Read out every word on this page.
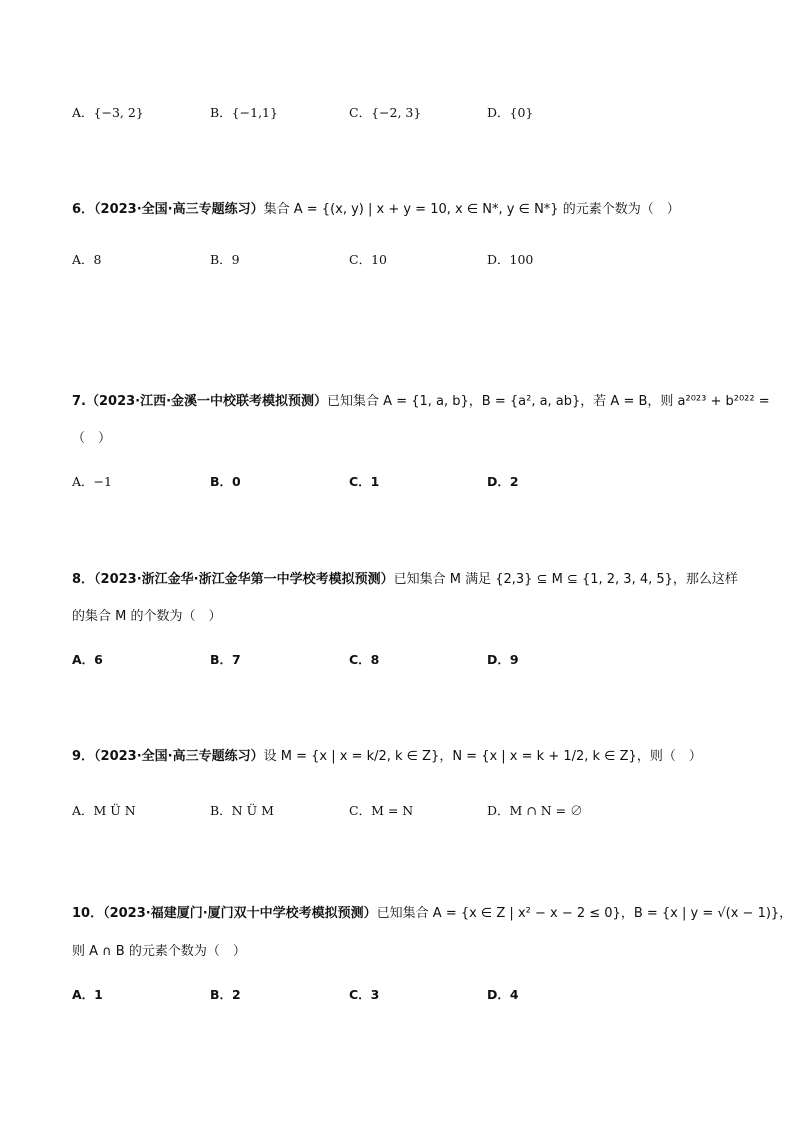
A．{−3, 2}	B．{−1,1}	C．{−2, 3}	D．{0}
6．（2023·全国·高三专题练习）集合 A = {(x, y) | x + y = 10, x ∈ N*, y ∈ N*} 的元素个数为（　）
A．8	B．9	C．10	D．100
7.（2023·江西·金溪一中校联考模拟预测）已知集合 A = {1, a, b}，B = {a², a, ab}，若 A = B，则 a²⁰²³ + b²⁰²² =
（　）
A．−1	B．0	C．1	D．2
8．（2023·浙江金华·浙江金华第一中学校考模拟预测）已知集合 M 满足 {2,3} ⊆ M ⊆ {1, 2, 3, 4, 5}，那么这样
的集合 M 的个数为（　）
A．6	B．7	C．8	D．9
9．（2023·全国·高三专题练习）设 M = {x | x = k/2, k ∈ Z}，N = {x | x = k + 1/2, k ∈ Z}，则（　）
A．M Ü N	B．N Ü M	C．M = N	D．M ∩ N = ∅
10．（2023·福建厦门·厦门双十中学校考模拟预测）已知集合 A = {x ∈ Z | x² − x − 2 ≤ 0}，B = {x | y = √(x − 1)}，
则 A ∩ B 的元素个数为（　）
A．1	B．2	C．3	D．4
